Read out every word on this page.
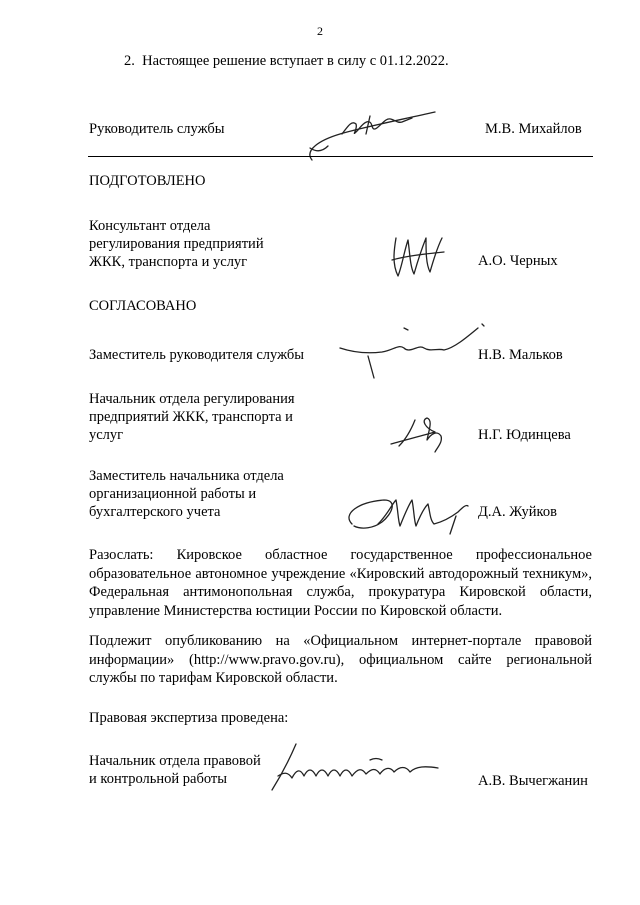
2
2. Настоящее решение вступает в силу с 01.12.2022.
Руководитель службы	М.В. Михайлов
ПОДГОТОВЛЕНО
Консультант отдела
регулирования предприятий
ЖКК, транспорта и услуг	А.О. Черных
СОГЛАСОВАНО
Заместитель руководителя службы	Н.В. Мальков
Начальник отдела регулирования
предприятий ЖКК, транспорта и
услуг	Н.Г. Юдинцева
Заместитель начальника отдела
организационной работы и
бухгалтерского учета	Д.А. Жуйков
Разослать: Кировское областное государственное профессиональное образовательное автономное учреждение «Кировский автодорожный техникум», Федеральная антимонопольная служба, прокуратура Кировской области, управление Министерства юстиции России по Кировской области.
Подлежит опубликованию на «Официальном интернет-портале правовой информации» (http://www.pravo.gov.ru), официальном сайте региональной службы по тарифам Кировской области.
Правовая экспертиза проведена:
Начальник отдела правовой
и контрольной работы	А.В. Вычегжанин
